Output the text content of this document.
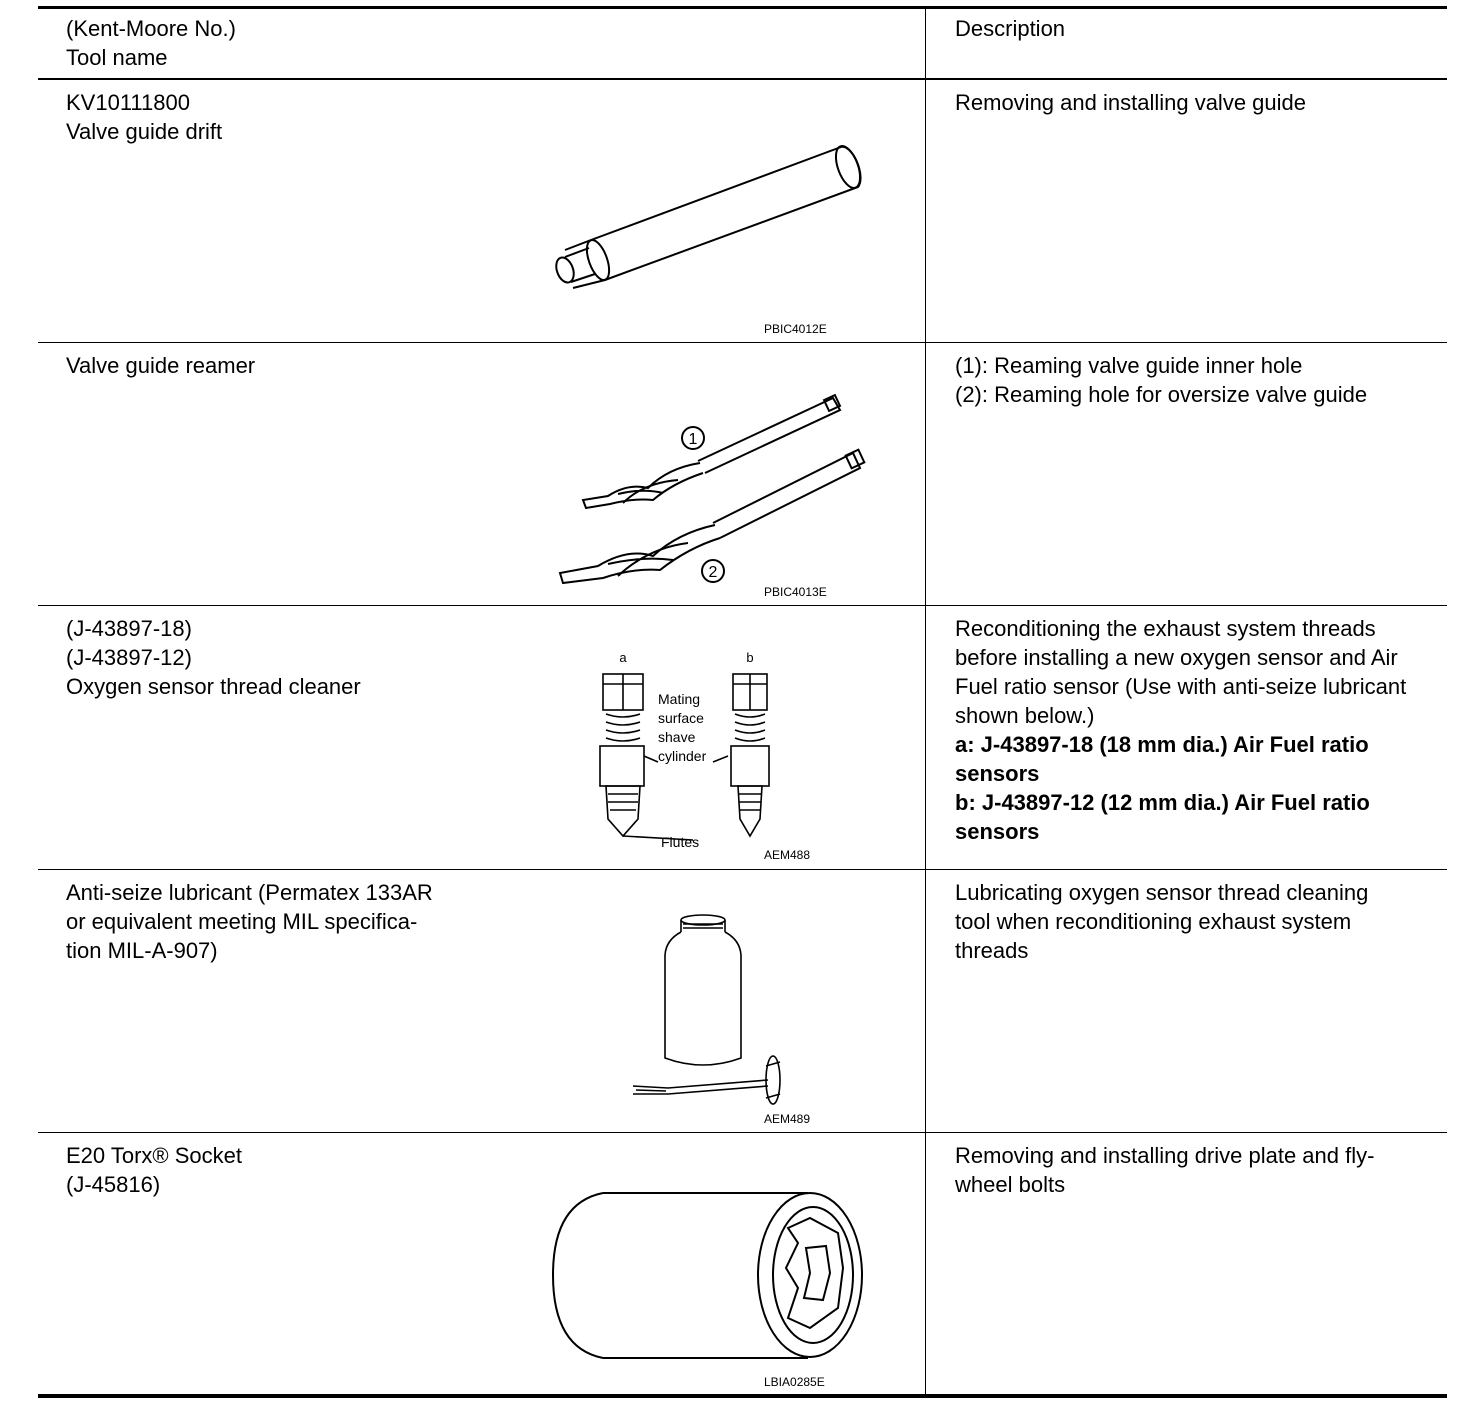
(Kent-Moore No.)

Tool name

Description

KV10111800

Valve guide drift

PBIC4012E

Removing and installing valve guide

Valve guide reamer

1
2
PBIC4013E

(1): Reaming valve guide inner hole

(2): Reaming hole for oversize valve guide

(J-43897-18)

(J-43897-12)

Oxygen sensor thread cleaner

a	b
Mating
surface
shave
cylinder
Flutes
AEM488

Reconditioning the exhaust system threads

before installing a new oxygen sensor and Air

Fuel ratio sensor (Use with anti-seize lubricant

shown below.)

a: J-43897-18 (18 mm dia.) Air Fuel ratio

sensors

b: J-43897-12 (12 mm dia.) Air Fuel ratio

sensors

Anti-seize lubricant (Permatex 133AR

or equivalent meeting MIL specifica-

tion MIL-A-907)

AEM489

Lubricating oxygen sensor thread cleaning

tool when reconditioning exhaust system

threads

E20 Torx® Socket

(J-45816)

LBIA0285E

Removing and installing drive plate and fly-

wheel bolts
